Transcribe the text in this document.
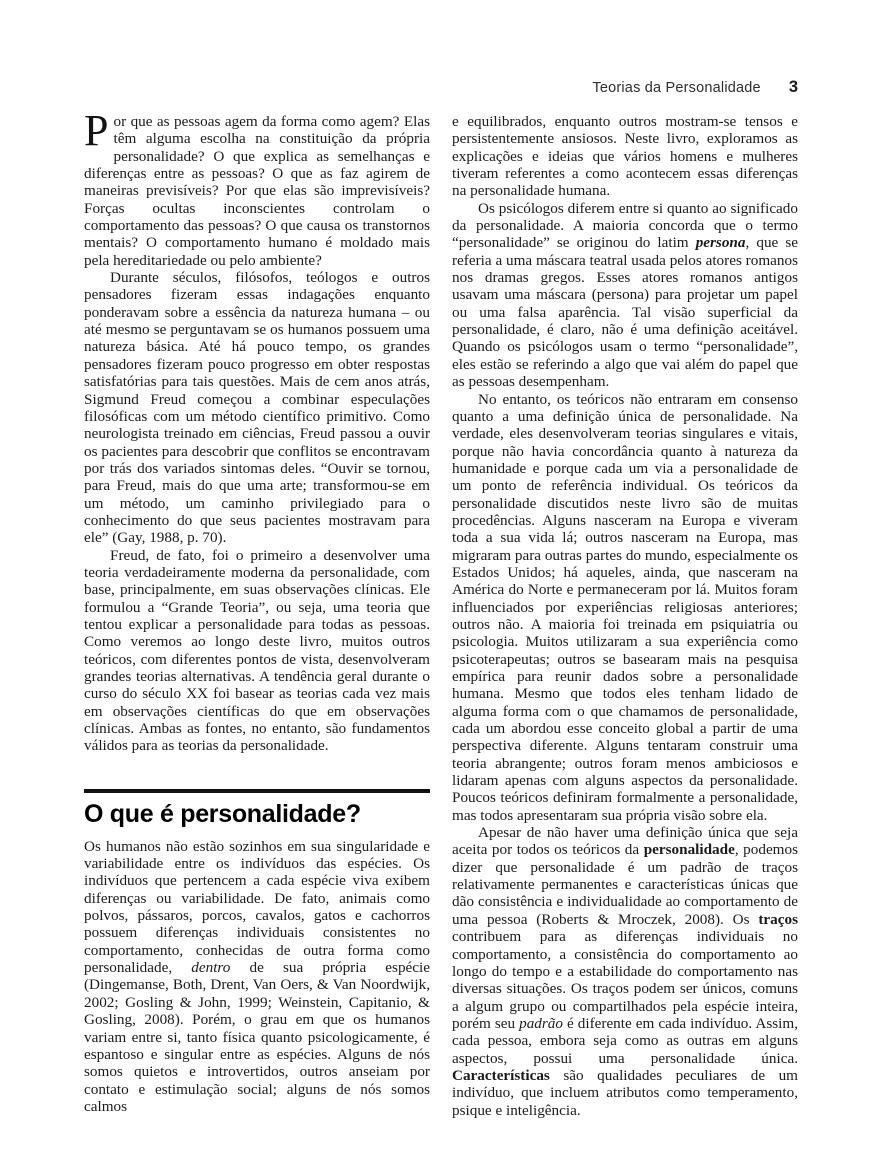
Teorias da Personalidade 3

Por que as pessoas agem da forma como agem? Elas têm alguma escolha na constituição da própria personalidade? O que explica as semelhanças e diferenças entre as pessoas? O que as faz agirem de maneiras previsíveis? Por que elas são imprevisíveis? Forças ocultas inconscientes controlam o comportamento das pessoas? O que causa os transtornos mentais? O comportamento humano é moldado mais pela hereditariedade ou pelo ambiente?

Durante séculos, filósofos, teólogos e outros pensadores fizeram essas indagações enquanto ponderavam sobre a essência da natureza humana – ou até mesmo se perguntavam se os humanos possuem uma natureza básica. Até há pouco tempo, os grandes pensadores fizeram pouco progresso em obter respostas satisfatórias para tais questões. Mais de cem anos atrás, Sigmund Freud começou a combinar especulações filosóficas com um método científico primitivo. Como neurologista treinado em ciências, Freud passou a ouvir os pacientes para descobrir que conflitos se encontravam por trás dos variados sintomas deles. “Ouvir se tornou, para Freud, mais do que uma arte; transformou-se em um método, um caminho privilegiado para o conhecimento do que seus pacientes mostravam para ele” (Gay, 1988, p. 70).

Freud, de fato, foi o primeiro a desenvolver uma teoria verdadeiramente moderna da personalidade, com base, principalmente, em suas observações clínicas. Ele formulou a “Grande Teoria”, ou seja, uma teoria que tentou explicar a personalidade para todas as pessoas. Como veremos ao longo deste livro, muitos outros teóricos, com diferentes pontos de vista, desenvolveram grandes teorias alternativas. A tendência geral durante o curso do século XX foi basear as teorias cada vez mais em observações científicas do que em observações clínicas. Ambas as fontes, no entanto, são fundamentos válidos para as teorias da personalidade.

O que é personalidade?

Os humanos não estão sozinhos em sua singularidade e variabilidade entre os indivíduos das espécies. Os indivíduos que pertencem a cada espécie viva exibem diferenças ou variabilidade. De fato, animais como polvos, pássaros, porcos, cavalos, gatos e cachorros possuem diferenças individuais consistentes no comportamento, conhecidas de outra forma como personalidade, dentro de sua própria espécie (Dingemanse, Both, Drent, Van Oers, & Van Noordwijk, 2002; Gosling & John, 1999; Weinstein, Capitanio, & Gosling, 2008). Porém, o grau em que os humanos variam entre si, tanto física quanto psicologicamente, é espantoso e singular entre as espécies. Alguns de nós somos quietos e introvertidos, outros anseiam por contato e estimulação social; alguns de nós somos calmos

e equilibrados, enquanto outros mostram-se tensos e persistentemente ansiosos. Neste livro, exploramos as explicações e ideias que vários homens e mulheres tiveram referentes a como acontecem essas diferenças na personalidade humana.

Os psicólogos diferem entre si quanto ao significado da personalidade. A maioria concorda que o termo “personalidade” se originou do latim persona, que se referia a uma máscara teatral usada pelos atores romanos nos dramas gregos. Esses atores romanos antigos usavam uma máscara (persona) para projetar um papel ou uma falsa aparência. Tal visão superficial da personalidade, é claro, não é uma definição aceitável. Quando os psicólogos usam o termo “personalidade”, eles estão se referindo a algo que vai além do papel que as pessoas desempenham.

No entanto, os teóricos não entraram em consenso quanto a uma definição única de personalidade. Na verdade, eles desenvolveram teorias singulares e vitais, porque não havia concordância quanto à natureza da humanidade e porque cada um via a personalidade de um ponto de referência individual. Os teóricos da personalidade discutidos neste livro são de muitas procedências. Alguns nasceram na Europa e viveram toda a sua vida lá; outros nasceram na Europa, mas migraram para outras partes do mundo, especialmente os Estados Unidos; há aqueles, ainda, que nasceram na América do Norte e permaneceram por lá. Muitos foram influenciados por experiências religiosas anteriores; outros não. A maioria foi treinada em psiquiatria ou psicologia. Muitos utilizaram a sua experiência como psicoterapeutas; outros se basearam mais na pesquisa empírica para reunir dados sobre a personalidade humana. Mesmo que todos eles tenham lidado de alguma forma com o que chamamos de personalidade, cada um abordou esse conceito global a partir de uma perspectiva diferente. Alguns tentaram construir uma teoria abrangente; outros foram menos ambiciosos e lidaram apenas com alguns aspectos da personalidade. Poucos teóricos definiram formalmente a personalidade, mas todos apresentaram sua própria visão sobre ela.

Apesar de não haver uma definição única que seja aceita por todos os teóricos da personalidade, podemos dizer que personalidade é um padrão de traços relativamente permanentes e características únicas que dão consistência e individualidade ao comportamento de uma pessoa (Roberts & Mroczek, 2008). Os traços contribuem para as diferenças individuais no comportamento, a consistência do comportamento ao longo do tempo e a estabilidade do comportamento nas diversas situações. Os traços podem ser únicos, comuns a algum grupo ou compartilhados pela espécie inteira, porém seu padrão é diferente em cada indivíduo. Assim, cada pessoa, embora seja como as outras em alguns aspectos, possui uma personalidade única. Características são qualidades peculiares de um indivíduo, que incluem atributos como temperamento, psique e inteligência.
